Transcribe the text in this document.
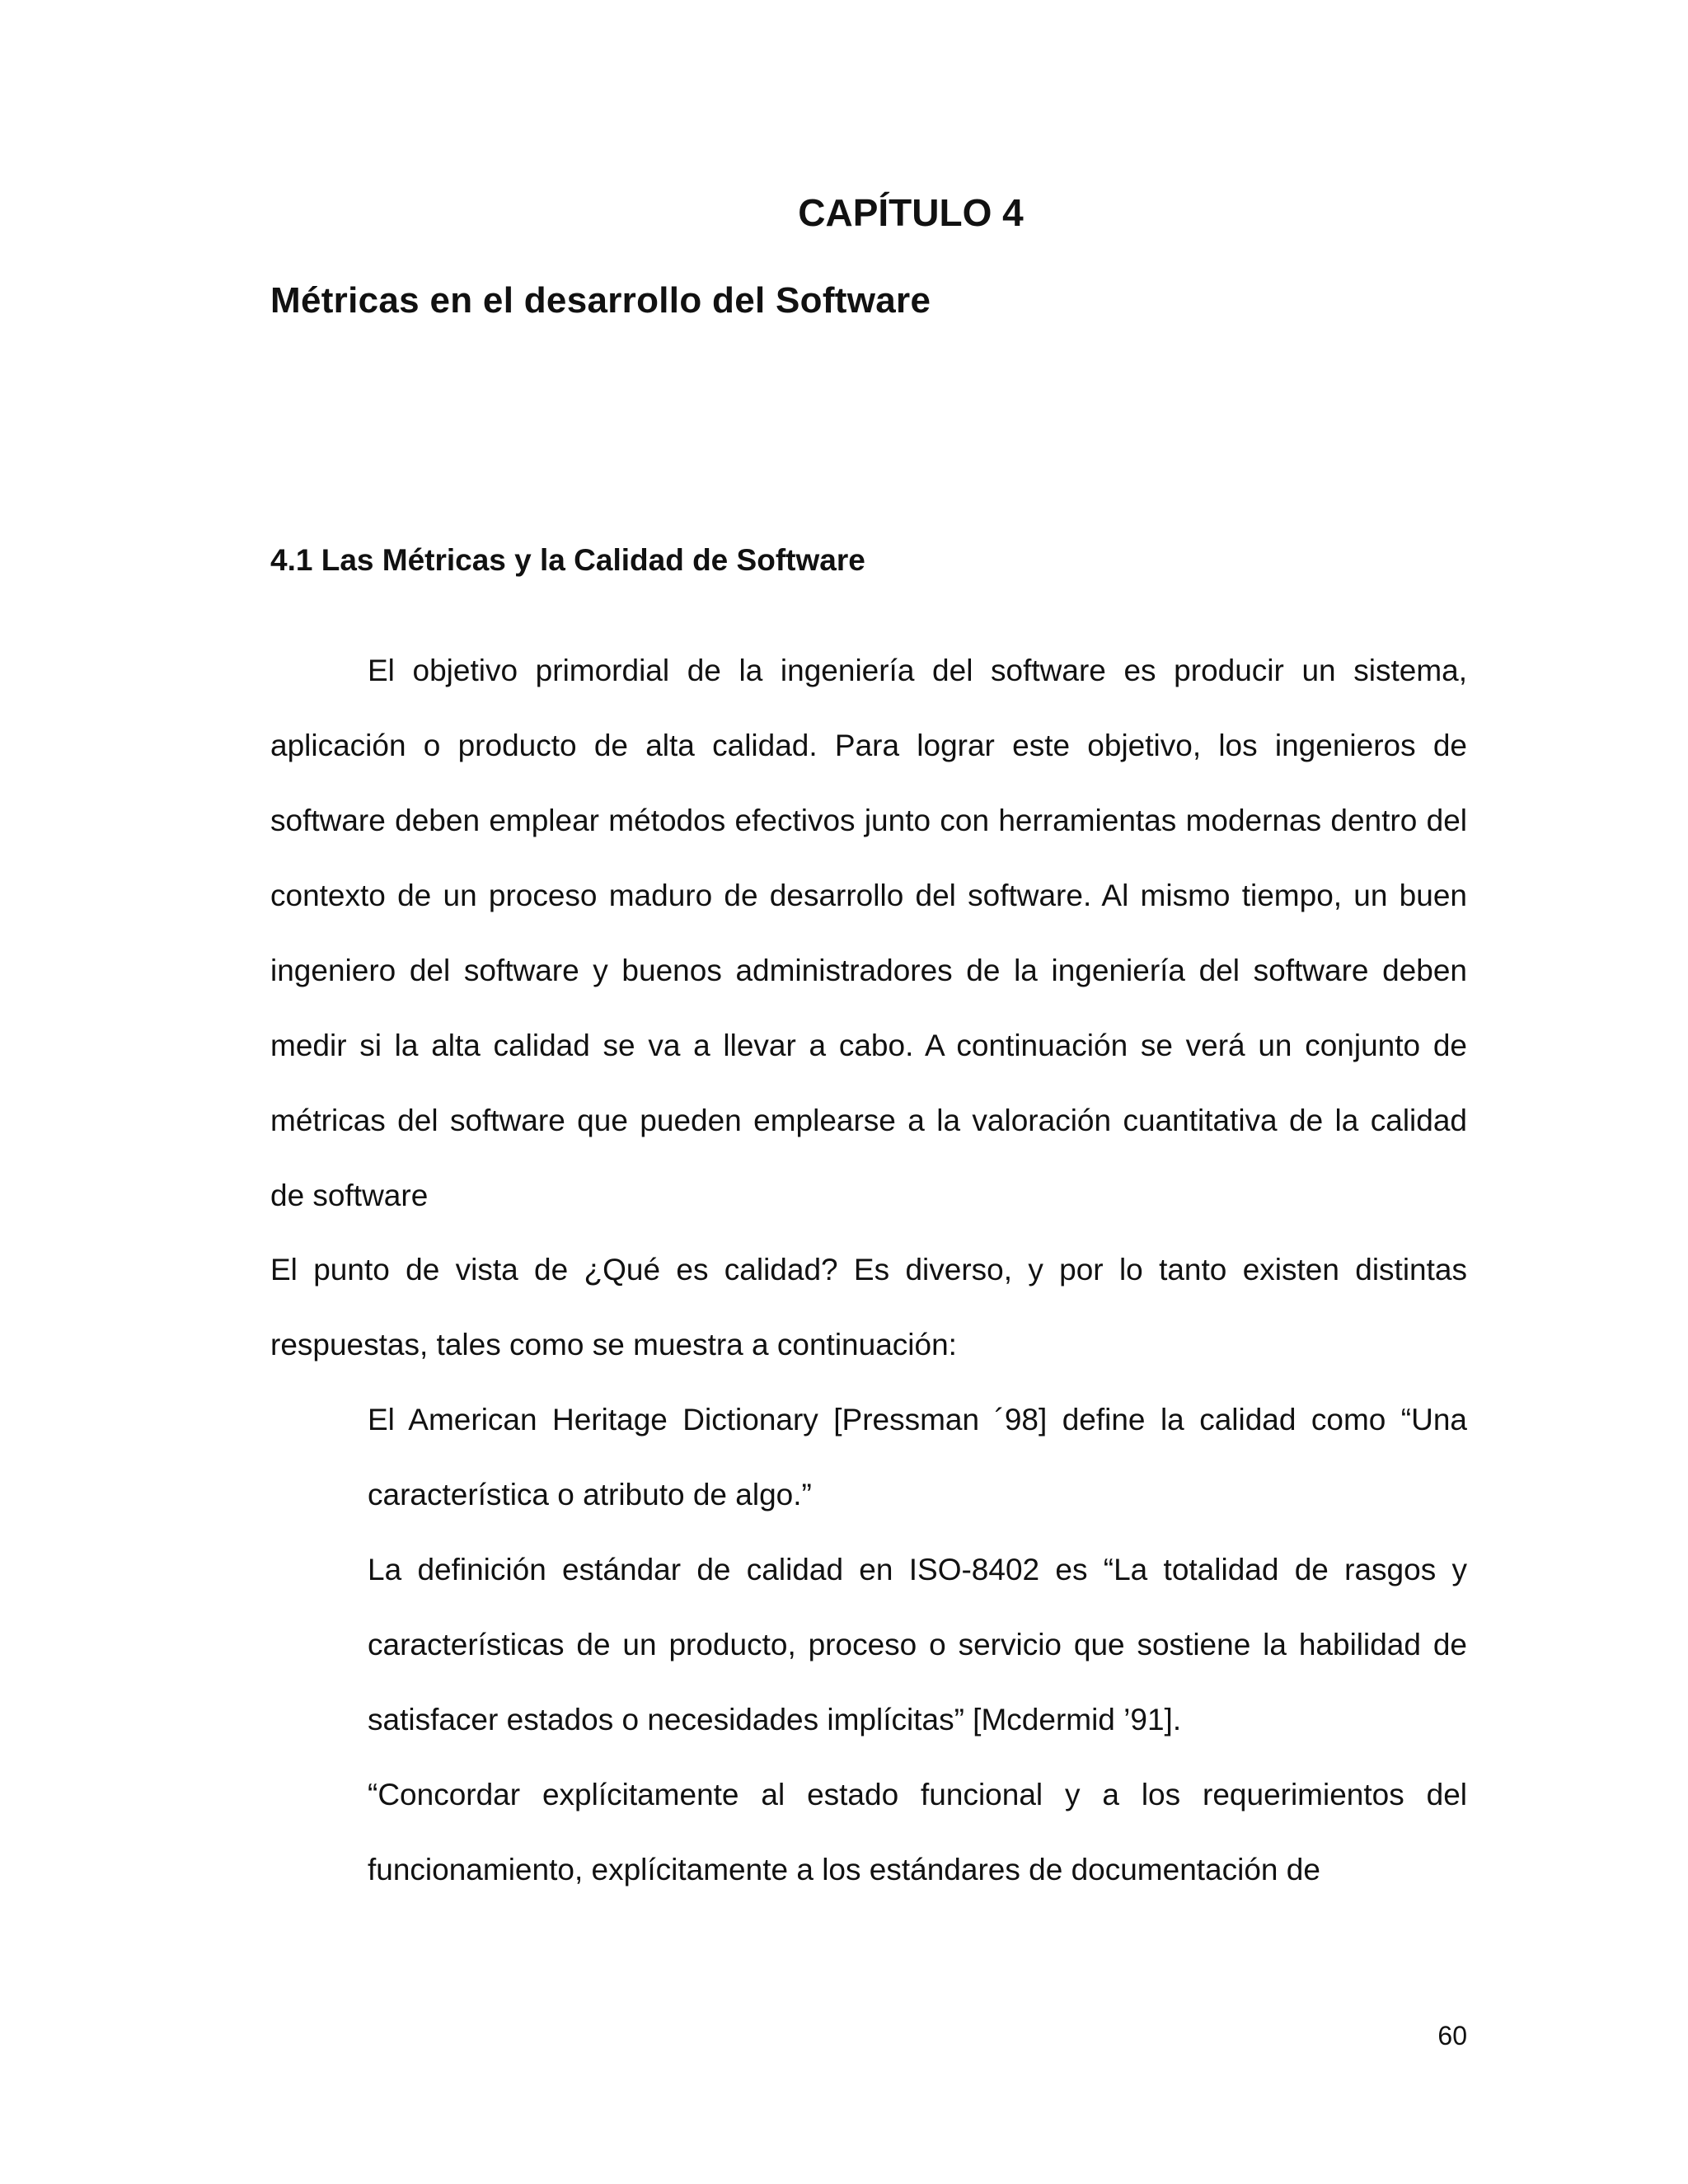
CAPÍTULO 4
Métricas en el desarrollo del Software
4.1 Las Métricas y la Calidad de Software

El objetivo primordial de la ingeniería del software es producir un sistema, aplicación o producto de alta calidad. Para lograr este objetivo, los ingenieros de software deben emplear métodos efectivos junto con herramientas modernas dentro del contexto de un proceso maduro de desarrollo del software. Al mismo tiempo, un buen ingeniero del software y buenos administradores de la ingeniería del software deben medir si la alta calidad se va a llevar a cabo. A continuación se verá un conjunto de métricas del software que pueden emplearse a la valoración cuantitativa de la calidad de software

El punto de vista de ¿Qué es calidad? Es diverso, y por lo tanto existen distintas respuestas, tales como se muestra a continuación:

El American Heritage Dictionary [Pressman ´98] define la calidad como “Una característica o atributo de algo.”

La definición estándar de calidad en ISO-8402 es “La totalidad de rasgos y características de un producto, proceso o servicio que sostiene la habilidad de satisfacer estados o necesidades implícitas” [Mcdermid ’91].

“Concordar explícitamente al estado funcional y a los requerimientos del funcionamiento, explícitamente a los estándares de documentación de

60
